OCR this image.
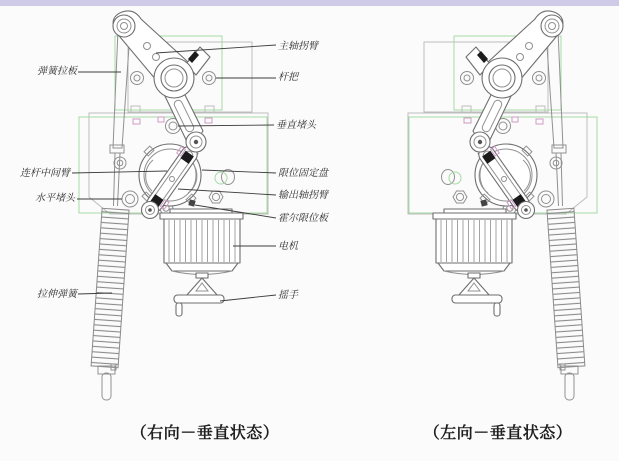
主轴拐臂
杆把
垂直堵头
限位固定盘
输出轴拐臂
霍尔限位板
电机
摇手
弹簧拉板
连杆中间臂
水平堵头
拉伸弹簧
（右向－垂直状态）	（左向－垂直状态）
